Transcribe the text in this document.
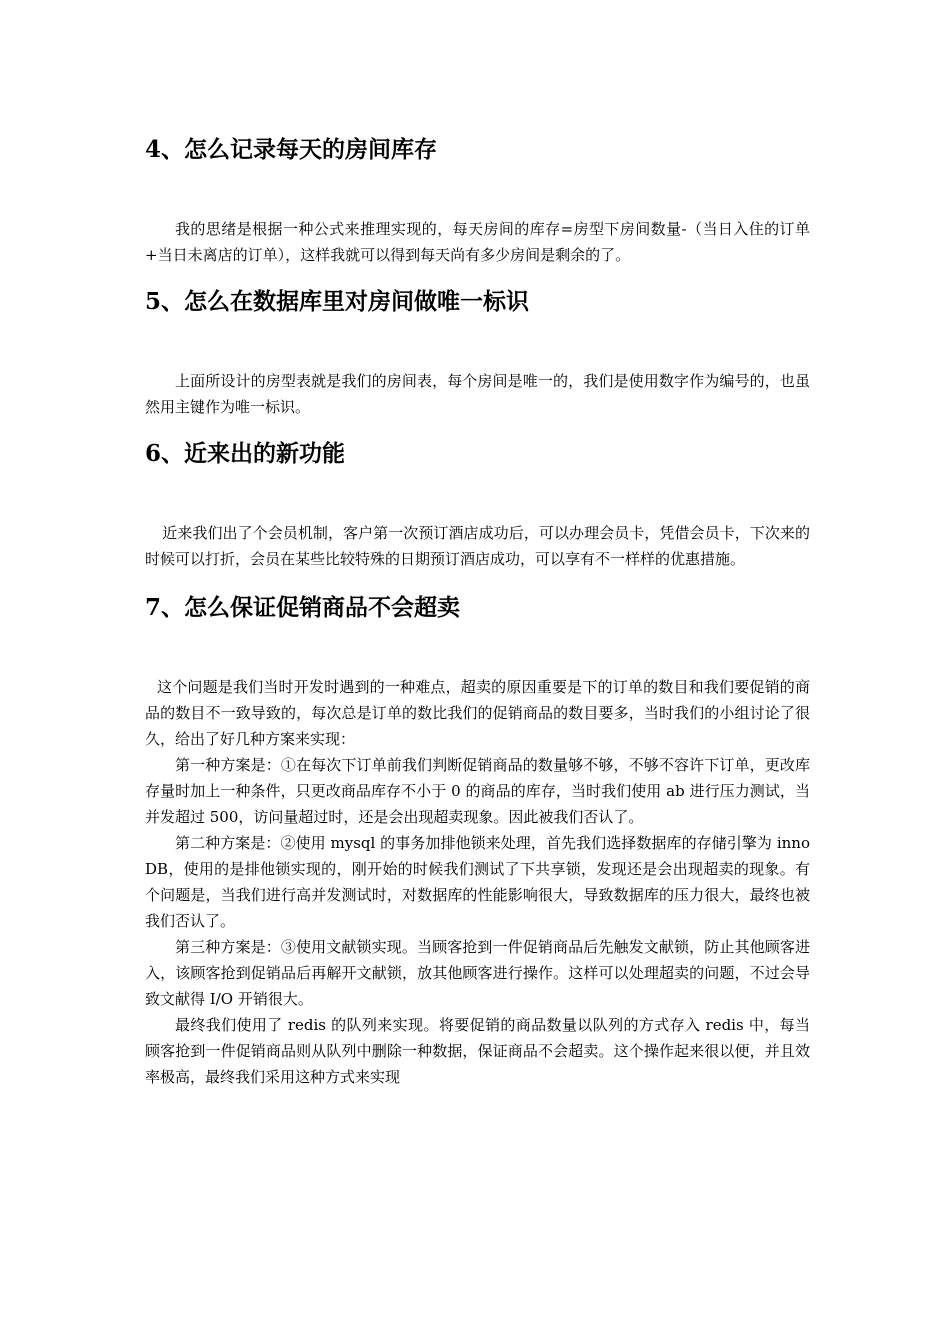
4、怎么记录每天的房间库存

我的思绪是根据一种公式来推理实现的，每天房间的库存=房型下房间数量-（当日入住的订单+当日未离店的订单），这样我就可以得到每天尚有多少房间是剩余的了。

5、怎么在数据库里对房间做唯一标识

上面所设计的房型表就是我们的房间表，每个房间是唯一的，我们是使用数字作为编号的，也虽然用主键作为唯一标识。

6、近来出的新功能

近来我们出了个会员机制，客户第一次预订酒店成功后，可以办理会员卡，凭借会员卡，下次来的时候可以打折，会员在某些比较特殊的日期预订酒店成功，可以享有不一样样的优惠措施。

7、怎么保证促销商品不会超卖

这个问题是我们当时开发时遇到的一种难点，超卖的原因重要是下的订单的数目和我们要促销的商品的数目不一致导致的，每次总是订单的数比我们的促销商品的数目要多，当时我们的小组讨论了很久，给出了好几种方案来实现：

第一种方案是：①在每次下订单前我们判断促销商品的数量够不够，不够不容许下订单，更改库存量时加上一种条件，只更改商品库存不小于 0 的商品的库存，当时我们使用 ab 进行压力测试，当并发超过 500，访问量超过时，还是会出现超卖现象。因此被我们否认了。

第二种方案是：②使用 mysql 的事务加排他锁来处理，首先我们选择数据库的存储引擎为 innoDB，使用的是排他锁实现的，刚开始的时候我们测试了下共享锁，发现还是会出现超卖的现象。有个问题是，当我们进行高并发测试时，对数据库的性能影响很大，导致数据库的压力很大，最终也被我们否认了。

第三种方案是：③使用文献锁实现。当顾客抢到一件促销商品后先触发文献锁，防止其他顾客进入，该顾客抢到促销品后再解开文献锁，放其他顾客进行操作。这样可以处理超卖的问题，不过会导致文献得 I/O 开销很大。

最终我们使用了 redis 的队列来实现。将要促销的商品数量以队列的方式存入 redis 中，每当顾客抢到一件促销商品则从队列中删除一种数据，保证商品不会超卖。这个操作起来很以便，并且效率极高，最终我们采用这种方式来实现
